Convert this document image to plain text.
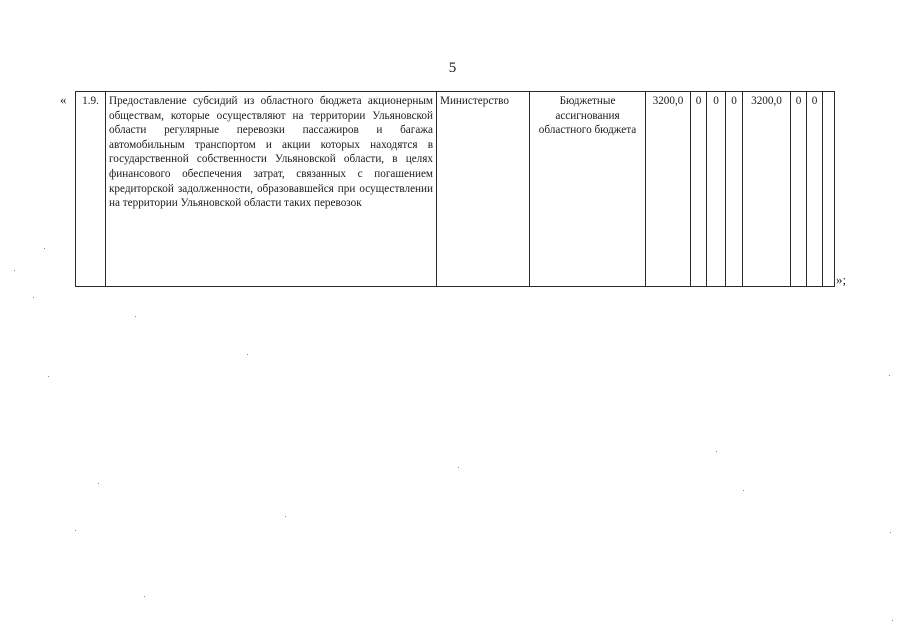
5
« 1.9.	Предоставление субсидий из областного бюджета акционерным обществам, которые осуществляют на территории Ульяновской области регулярные перевозки пассажиров и багажа автомобильным транспортом и акции которых находятся в государственной собственности Ульяновской области, в целях финансового обеспечения затрат, связанных с погашением кредиторской задолженности, образовавшейся при осуществлении на территории Ульяновской области таких перевозок	Министерство	Бюджетные ассигнования областного бюджета	3200,0	0	0	0	3200,0	0	0	
»;
